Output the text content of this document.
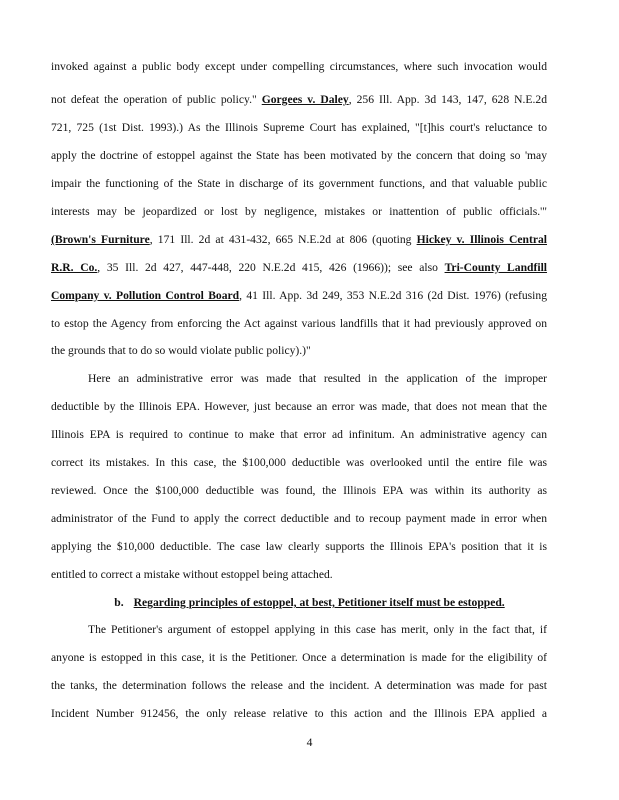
invoked against a public body except under compelling circumstances, where such invocation would
not defeat the operation of public policy." Gorgees v. Daley, 256 Ill. App. 3d 143, 147, 628 N.E.2d
721, 725 (1st Dist. 1993).) As the Illinois Supreme Court has explained, "[t]his court's reluctance to
apply the doctrine of estoppel against the State has been motivated by the concern that doing so 'may
impair the functioning of the State in discharge of its government functions, and that valuable public
interests may be jeopardized or lost by negligence, mistakes or inattention of public officials.'"
(Brown's Furniture, 171 Ill. 2d at 431-432, 665 N.E.2d at 806 (quoting Hickey v. Illinois Central
R.R. Co., 35 Ill. 2d 427, 447-448, 220 N.E.2d 415, 426 (1966)); see also Tri-County Landfill
Company v. Pollution Control Board, 41 Ill. App. 3d 249, 353 N.E.2d 316 (2d Dist. 1976) (refusing
to estop the Agency from enforcing the Act against various landfills that it had previously approved on
the grounds that to do so would violate public policy).)"
Here an administrative error was made that resulted in the application of the improper
deductible by the Illinois EPA. However, just because an error was made, that does not mean that the
Illinois EPA is required to continue to make that error ad infinitum. An administrative agency can
correct its mistakes. In this case, the $100,000 deductible was overlooked until the entire file was
reviewed. Once the $100,000 deductible was found, the Illinois EPA was within its authority as
administrator of the Fund to apply the correct deductible and to recoup payment made in error when
applying the $10,000 deductible. The case law clearly supports the Illinois EPA's position that it is
entitled to correct a mistake without estoppel being attached.
b. Regarding principles of estoppel, at best, Petitioner itself must be estopped.
The Petitioner's argument of estoppel applying in this case has merit, only in the fact that, if
anyone is estopped in this case, it is the Petitioner. Once a determination is made for the eligibility of
the tanks, the determination follows the release and the incident. A determination was made for past
Incident Number 912456, the only release relative to this action and the Illinois EPA applied a
4
